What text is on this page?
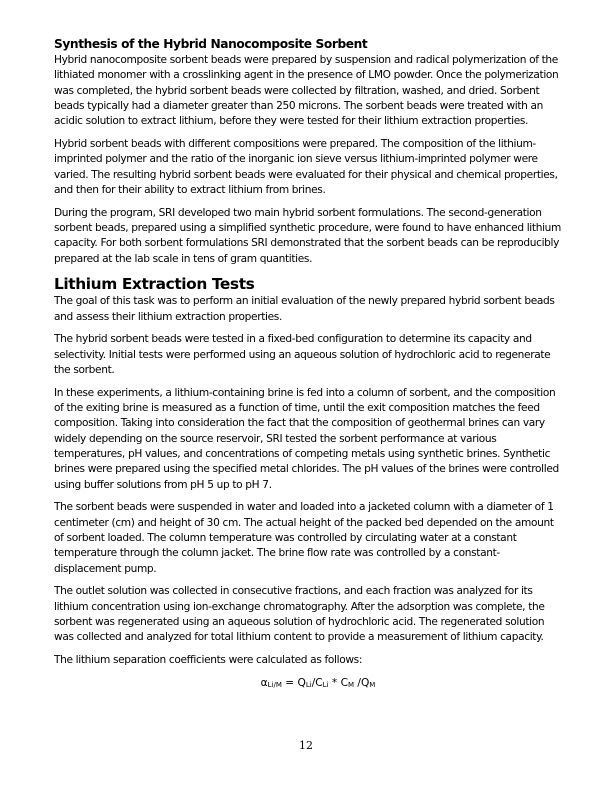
Synthesis of the Hybrid Nanocomposite Sorbent

Hybrid nanocomposite sorbent beads were prepared by suspension and radical polymerization of the lithiated monomer with a crosslinking agent in the presence of LMO powder. Once the polymerization was completed, the hybrid sorbent beads were collected by filtration, washed, and dried. Sorbent beads typically had a diameter greater than 250 microns. The sorbent beads were treated with an acidic solution to extract lithium, before they were tested for their lithium extraction properties.

Hybrid sorbent beads with different compositions were prepared. The composition of the lithium-imprinted polymer and the ratio of the inorganic ion sieve versus lithium-imprinted polymer were varied. The resulting hybrid sorbent beads were evaluated for their physical and chemical properties, and then for their ability to extract lithium from brines.

During the program, SRI developed two main hybrid sorbent formulations. The second-generation sorbent beads, prepared using a simplified synthetic procedure, were found to have enhanced lithium capacity. For both sorbent formulations SRI demonstrated that the sorbent beads can be reproducibly prepared at the lab scale in tens of gram quantities.

Lithium Extraction Tests

The goal of this task was to perform an initial evaluation of the newly prepared hybrid sorbent beads and assess their lithium extraction properties.

The hybrid sorbent beads were tested in a fixed-bed configuration to determine its capacity and selectivity. Initial tests were performed using an aqueous solution of hydrochloric acid to regenerate the sorbent.

In these experiments, a lithium-containing brine is fed into a column of sorbent, and the composition of the exiting brine is measured as a function of time, until the exit composition matches the feed composition. Taking into consideration the fact that the composition of geothermal brines can vary widely depending on the source reservoir, SRI tested the sorbent performance at various temperatures, pH values, and concentrations of competing metals using synthetic brines. Synthetic brines were prepared using the specified metal chlorides. The pH values of the brines were controlled using buffer solutions from pH 5 up to pH 7.

The sorbent beads were suspended in water and loaded into a jacketed column with a diameter of 1 centimeter (cm) and height of 30 cm. The actual height of the packed bed depended on the amount of sorbent loaded. The column temperature was controlled by circulating water at a constant temperature through the column jacket. The brine flow rate was controlled by a constant-displacement pump.

The outlet solution was collected in consecutive fractions, and each fraction was analyzed for its lithium concentration using ion-exchange chromatography. After the adsorption was complete, the sorbent was regenerated using an aqueous solution of hydrochloric acid. The regenerated solution was collected and analyzed for total lithium content to provide a measurement of lithium capacity.

The lithium separation coefficients were calculated as follows:

$\alpha_{Li/M} = Q_{Li}/C_{Li} * C_M$ $/Q_M$
12
